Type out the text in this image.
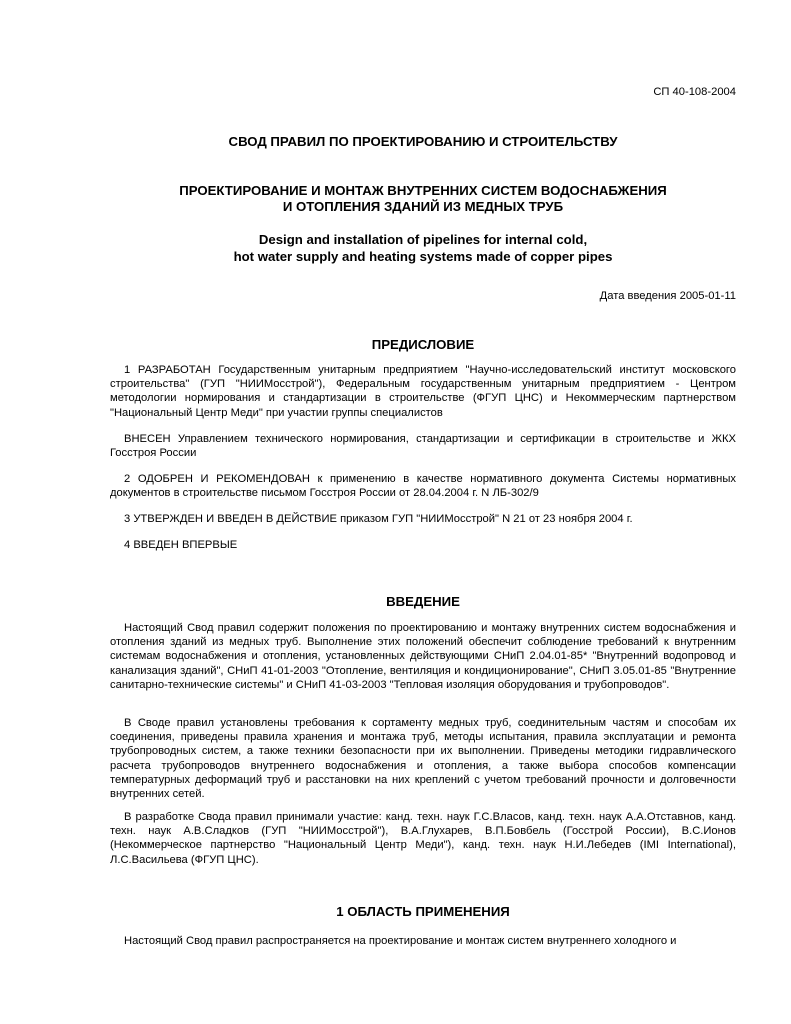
СП 40-108-2004
СВОД ПРАВИЛ ПО ПРОЕКТИРОВАНИЮ И СТРОИТЕЛЬСТВУ
ПРОЕКТИРОВАНИЕ И МОНТАЖ ВНУТРЕННИХ СИСТЕМ ВОДОСНАБЖЕНИЯ
И ОТОПЛЕНИЯ ЗДАНИЙ ИЗ МЕДНЫХ ТРУБ
Design and installation of pipelines for internal cold,
hot water supply and heating systems made of copper pipes
Дата введения 2005-01-11
ПРЕДИСЛОВИЕ
1 РАЗРАБОТАН Государственным унитарным предприятием "Научно-исследовательский институт московского строительства" (ГУП "НИИМосстрой"), Федеральным государственным унитарным предприятием - Центром методологии нормирования и стандартизации в строительстве (ФГУП ЦНС) и Некоммерческим партнерством "Национальный Центр Меди" при участии группы специалистов
ВНЕСЕН Управлением технического нормирования, стандартизации и сертификации в строительстве и ЖКХ Госстроя России
2 ОДОБРЕН И РЕКОМЕНДОВАН к применению в качестве нормативного документа Системы нормативных документов в строительстве письмом Госстроя России от 28.04.2004 г. N ЛБ-302/9
3 УТВЕРЖДЕН И ВВЕДЕН В ДЕЙСТВИЕ приказом ГУП "НИИМосстрой" N 21 от 23 ноября 2004 г.
4 ВВЕДЕН ВПЕРВЫЕ
ВВЕДЕНИЕ
Настоящий Свод правил содержит положения по проектированию и монтажу внутренних систем водоснабжения и отопления зданий из медных труб. Выполнение этих положений обеспечит соблюдение требований к внутренним системам водоснабжения и отопления, установленных действующими СНиП 2.04.01-85* "Внутренний водопровод и канализация зданий", СНиП 41-01-2003 "Отопление, вентиляция и кондиционирование", СНиП 3.05.01-85 "Внутренние санитарно-технические системы" и СНиП 41-03-2003 "Тепловая изоляция оборудования и трубопроводов".
В Своде правил установлены требования к сортаменту медных труб, соединительным частям и способам их соединения, приведены правила хранения и монтажа труб, методы испытания, правила эксплуатации и ремонта трубопроводных систем, а также техники безопасности при их выполнении. Приведены методики гидравлического расчета трубопроводов внутреннего водоснабжения и отопления, а также выбора способов компенсации температурных деформаций труб и расстановки на них креплений с учетом требований прочности и долговечности внутренних сетей.
В разработке Свода правил принимали участие: канд. техн. наук Г.С.Власов, канд. техн. наук А.А.Отставнов, канд. техн. наук А.В.Сладков (ГУП "НИИМосстрой"), В.А.Глухарев, В.П.Бовбель (Госстрой России), В.С.Ионов (Некоммерческое партнерство "Национальный Центр Меди"), канд. техн. наук Н.И.Лебедев (IMI International), Л.С.Васильева (ФГУП ЦНС).
1 ОБЛАСТЬ ПРИМЕНЕНИЯ
Настоящий Свод правил распространяется на проектирование и монтаж систем внутреннего холодного и
